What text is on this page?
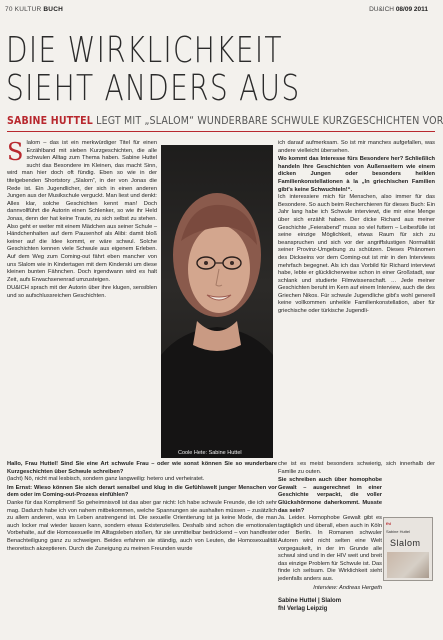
70 KULTUR BUCH	DU&ICH 08/09 2011
DIE WIRKLICHKEIT
SIEHT ANDERS AUS
SABINE HUTTEL LEGT MIT „SLALOM“ WUNDERBARE SCHWULE KURZGESCHICHTEN VOR
S lalom – das ist ein merkwürdiger Titel für einen Erzählband mit sieben Kurzgeschichten, die alle schwulen Alltag zum Thema haben. Sabine Huttel sucht das Besondere im Kleinen, das macht Sinn, wird man hier doch oft fündig. Eben so wie in der titelgebenden Shortstory „Slalom“, in der von Jonas die Rede ist. Ein Jugendlicher, der sich in einen anderen Jungen aus der Musikschule verguckt. Man liest und denkt: Alles klar, solche Geschichten kennt man! Doch dannvollführt die Autorin einen Schlenker, so wie ihr Held Jonas, denn der hat keine Traute, zu sich selbst zu stehen. Also geht er weiter mit einem Mädchen aus seiner Schule – Händchenhalten auf dem Pausenhof als Alibi: damit bloß keiner auf die Idee kommt, er wäre schwul. Solche Geschichten kennen viele Schwule aus eigenem Erleben. Auf dem Weg zum Coming-out fährt eben mancher von uns Slalom wie in Kindertagen mit dem Kinderski um diese kleinen bunten Fähnchen. Doch irgendwann wird es halt Zeit, aufs Erwachsenenrad umzusteigen.

DU&ICH sprach mit der Autorin über ihre klugen, sensiblen und so aufschlussreichen Geschichten.

Coole Hete: Sabine Huttel

ich darauf aufmerksam. So ist mir manches aufgefallen, was andere vielleicht übersehen.

Wo kommt das Interesse fürs Besondere her? Schließlich handeln Ihre Geschichten von Außenseitern wie einem dicken Jungen oder besonders heiklen Familienkonstellationen à la „In griechischen Familien gibt's keine Schwuchteln!“.

Ich interessiere mich für Menschen, also immer für das Besondere. So auch beim Recherchieren für dieses Buch: Ein Jahr lang habe ich Schwule interviewt, die mir eine Menge über sich erzählt haben. Der dicke Richard aus meiner Geschichte „Feierabend“ muss so viel futtern – Leibesfülle ist seine einzige Möglichkeit, etwas Raum für sich zu beanspruchen und sich vor der angriffslustigen Normalität seiner Provinz-Umgebung zu schützen. Dieses Phänomen des Dickseins vor dem Coming-out ist mir in den Interviews mehrfach begegnet. Als ich das Vorbild für Richard interviewt habe, lebte er glücklicherweise schon in einer Großstadt, war schlank und studierte Filmwissenschaft. … Jede meiner Geschichten beruht im Kern auf einem Interview, auch die des Griechen Nikos. Für schwule Jugendliche gibt's wohl generell keine vollkommen unheikle Familienkonstellation, aber für griechische oder türkische Jugendli-

Hallo, Frau Huttel! Sind Sie eine Art schwule Frau – oder wie sonst können Sie so wunderbare Kurzgeschichten über Schwule schreiben?

(lacht) Nö, nicht mal lesbisch, sondern ganz langweilig: hetero und verheiratet.

Im Ernst: Wieso können Sie sich derart sensibel und klug in die Gefühlswelt junger Menschen vor dem oder im Coming-out-Prozess einfühlen?

Danke für das Kompliment! So geheimnisvoll ist das aber gar nicht: Ich habe schwule Freunde, die ich sehr mag. Dadurch habe ich von nahem mitbekommen, welche Spannungen sie aushalten müssen – zusätzlich zu allem anderen, was im Leben anstrengend ist. Die sexuelle Orientierung ist ja keine Mode, die man auch locker mal wieder lassen kann, sondern etwas Existenzielles. Deshalb sind schon die emotionalen Vorbehalte, auf die Homosexuelle im Alltagsleben stoßen, für sie unmittelbar bedrückend – von handfester Benachteiligung ganz zu schweigen. Beides erfahren sie ständig, auch von Leuten, die Homosexualität theoretisch akzeptieren. Durch die Zuneigung zu meinen Freunden wurde

fhl
Sabine Huttel
Slalom

che ist es meist besonders schwierig, sich innerhalb der Familie zu outen.

Sie schreiben auch über homophobe Gewalt – ausgerechnet in einer Geschichte verpackt, die voller Glückshörmone daherkommt. Musste das sein?

Ja. Leider. Homophobe Gewalt gibt es tagtäglich und überall, eben auch in Köln oder Berlin. In Romanen schwuler Autoren wird nicht selten eine Welt vorgegaukelt, in der im Grunde alle schwul sind und in der HIV weit und breit das einzige Problem für Schwule ist. Das finde ich seltsam. Die Wirklichkeit sieht jedenfalls anders aus.

Interview: Andreas Hergeth

Sabine Huttel | Slalom
fhl Verlag Leipzig
